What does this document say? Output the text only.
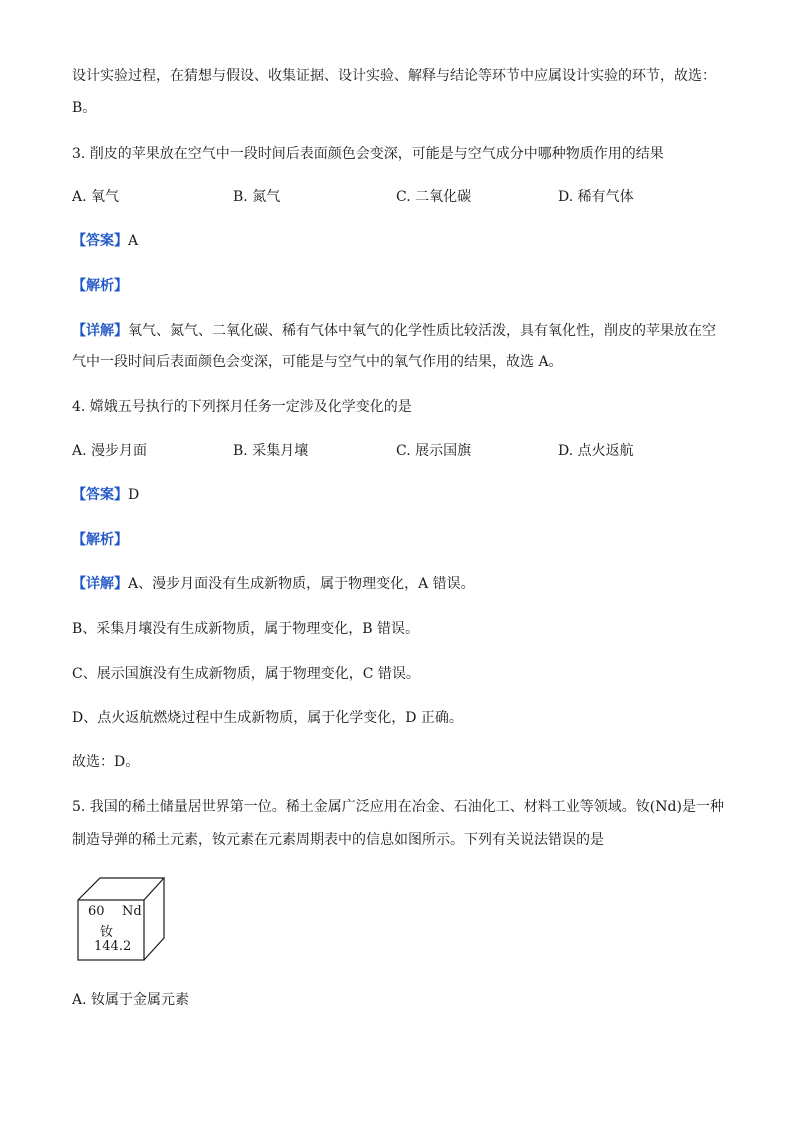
设计实验过程，在猜想与假设、收集证据、设计实验、解释与结论等环节中应属设计实验的环节，故选：
B。
3. 削皮的苹果放在空气中一段时间后表面颜色会变深，可能是与空气成分中哪种物质作用的结果
A. 氧气	B. 氮气	C. 二氧化碳	D. 稀有气体
【答案】A
【解析】
【详解】氧气、氮气、二氧化碳、稀有气体中氧气的化学性质比较活泼，具有氧化性，削皮的苹果放在空
气中一段时间后表面颜色会变深，可能是与空气中的氧气作用的结果，故选 A。
4. 嫦娥五号执行的下列探月任务一定涉及化学变化的是
A. 漫步月面	B. 采集月壤	C. 展示国旗	D. 点火返航
【答案】D
【解析】
【详解】A、漫步月面没有生成新物质，属于物理变化，A 错误。
B、采集月壤没有生成新物质，属于物理变化，B 错误。
C、展示国旗没有生成新物质，属于物理变化，C 错误。
D、点火返航燃烧过程中生成新物质，属于化学变化，D 正确。
故选：D。
5. 我国的稀土储量居世界第一位。稀土金属广泛应用在冶金、石油化工、材料工业等领域。钕(Nd)是一种
制造导弹的稀土元素，钕元素在元素周期表中的信息如图所示。下列有关说法错误的是
60 Nd
钕
144.2
A. 钕属于金属元素
